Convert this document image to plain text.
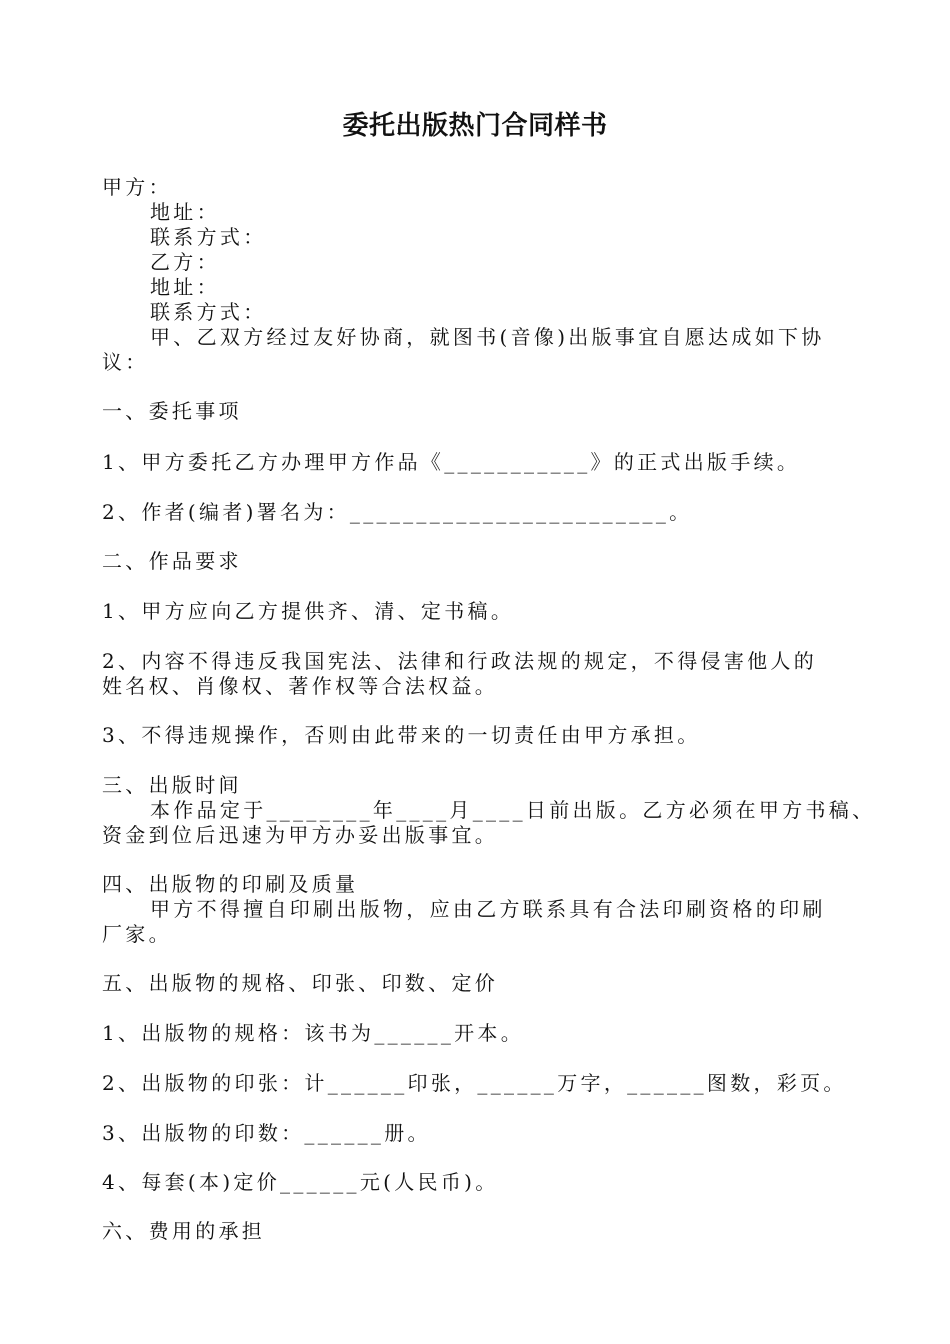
委托出版热门合同样书
甲方：
地址：
联系方式：
乙方：
地址：
联系方式：
甲、乙双方经过友好协商，就图书(音像)出版事宜自愿达成如下协
议：
一、委托事项
1、甲方委托乙方办理甲方作品《___________》的正式出版手续。
2、作者(编者)署名为：________________________。
二、作品要求
1、甲方应向乙方提供齐、清、定书稿。
2、内容不得违反我国宪法、法律和行政法规的规定，不得侵害他人的
姓名权、肖像权、著作权等合法权益。
3、不得违规操作，否则由此带来的一切责任由甲方承担。
三、出版时间
本作品定于________年____月____日前出版。乙方必须在甲方书稿、
资金到位后迅速为甲方办妥出版事宜。
四、出版物的印刷及质量
甲方不得擅自印刷出版物，应由乙方联系具有合法印刷资格的印刷
厂家。
五、出版物的规格、印张、印数、定价
1、出版物的规格：该书为______开本。
2、出版物的印张：计______印张，______万字，______图数，彩页。
3、出版物的印数：______册。
4、每套(本)定价______元(人民币)。
六、费用的承担
